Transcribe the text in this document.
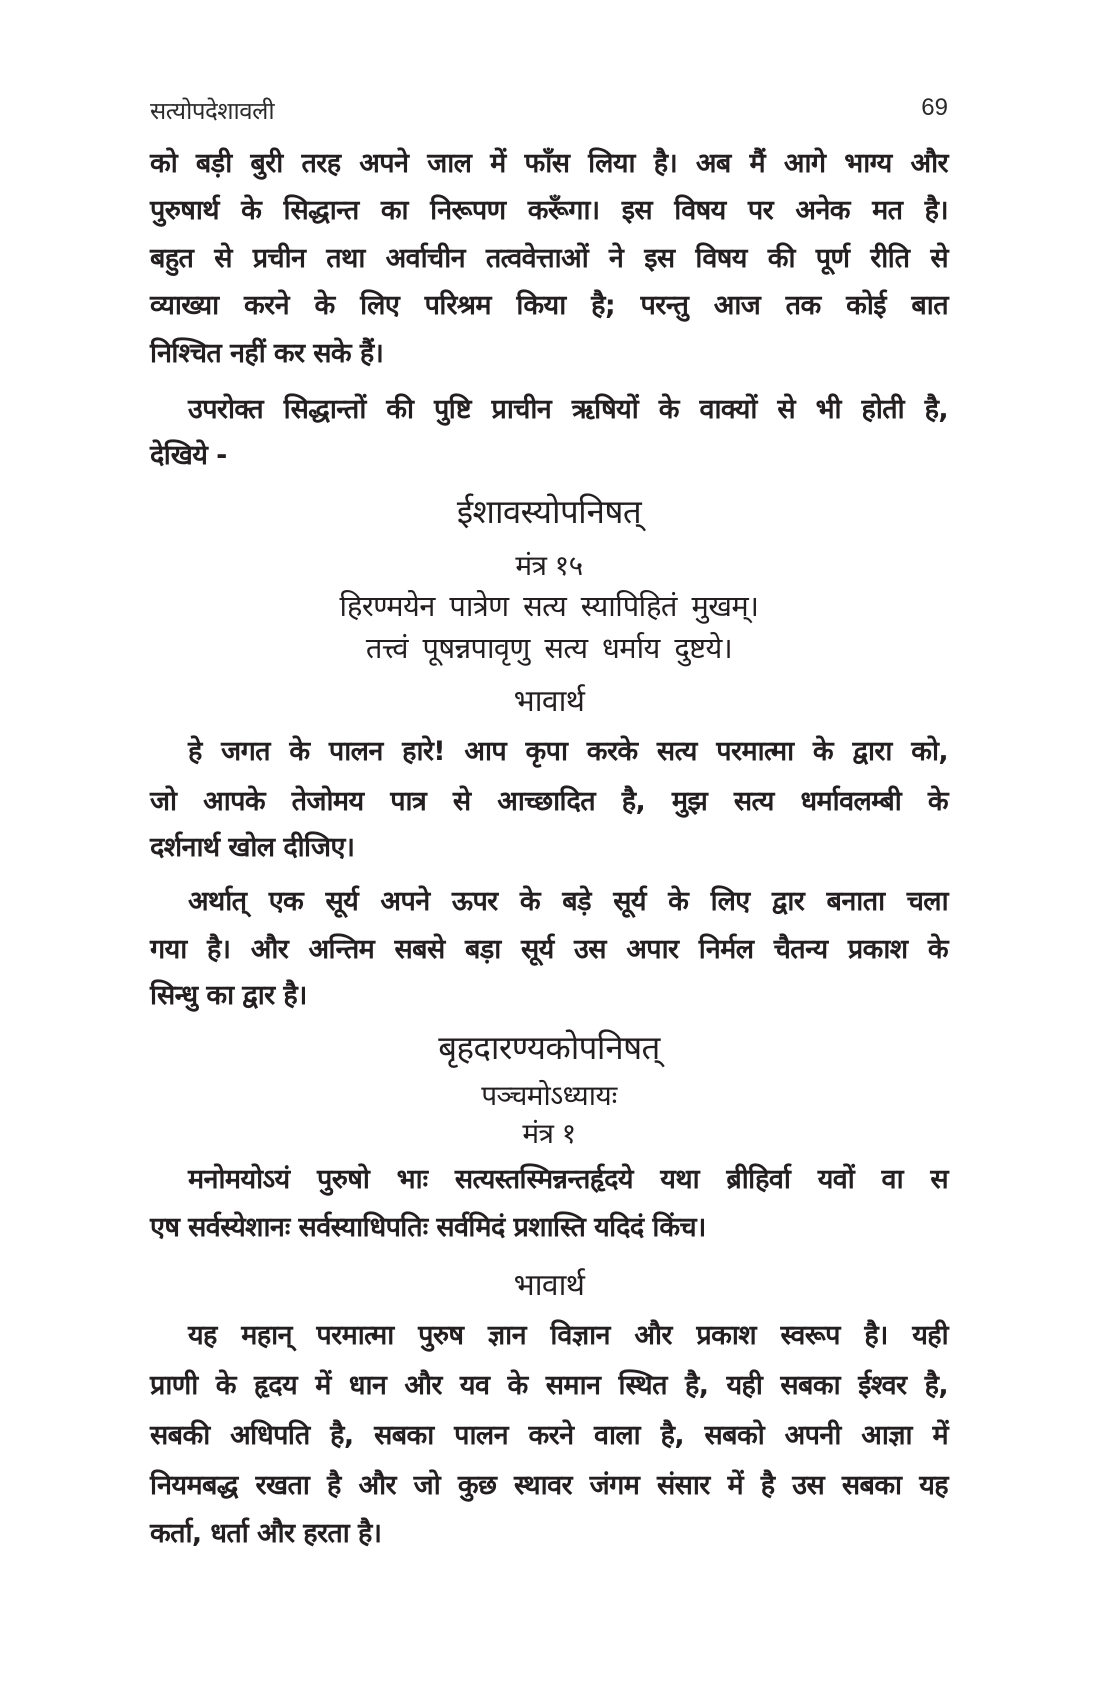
सत्योपदेशावली	69
को बड़ी बुरी तरह अपने जाल में फाँस लिया है। अब मैं आगे भाग्य और
पुरुषार्थ के सिद्धान्त का निरूपण करूँगा। इस विषय पर अनेक मत है।
बहुत से प्रचीन तथा अर्वाचीन तत्ववेत्ताओं ने इस विषय की पूर्ण रीति से
व्याख्या करने के लिए परिश्रम किया है; परन्तु आज तक कोई बात
निश्चित नहीं कर सके हैं।
उपरोक्त सिद्धान्तों की पुष्टि प्राचीन ऋषियों के वाक्यों से भी होती है,
देखिये -
ईशावस्योपनिषत्
मंत्र १५
हिरण्मयेन पात्रेण सत्य स्यापिहितं मुखम्।
तत्त्वं पूषन्नपावृणु सत्य धर्माय दुष्टये।
भावार्थ
हे जगत के पालन हारे! आप कृपा करके सत्य परमात्मा के द्वारा को,
जो आपके तेजोमय पात्र से आच्छादित है, मुझ सत्य धर्मावलम्बी के
दर्शनार्थ खोल दीजिए।
अर्थात् एक सूर्य अपने ऊपर के बड़े सूर्य के लिए द्वार बनाता चला
गया है। और अन्तिम सबसे बड़ा सूर्य उस अपार निर्मल चैतन्य प्रकाश के
सिन्धु का द्वार है।
बृहदारण्यकोपनिषत्
पञ्चमोऽध्यायः
मंत्र १
मनोमयोऽयं पुरुषो भाः सत्यस्तस्मिन्नन्तर्हृदये यथा ब्रीहिर्वा यवों वा स
एष सर्वस्येशानः सर्वस्याधिपतिः सर्वमिदं प्रशास्ति यदिदं किंच।
भावार्थ
यह महान् परमात्मा पुरुष ज्ञान विज्ञान और प्रकाश स्वरूप है। यही
प्राणी के हृदय में धान और यव के समान स्थित है, यही सबका ईश्वर है,
सबकी अधिपति है, सबका पालन करने वाला है, सबको अपनी आज्ञा में
नियमबद्ध रखता है और जो कुछ स्थावर जंगम संसार में है उस सबका यह
कर्ता, धर्ता और हरता है।
